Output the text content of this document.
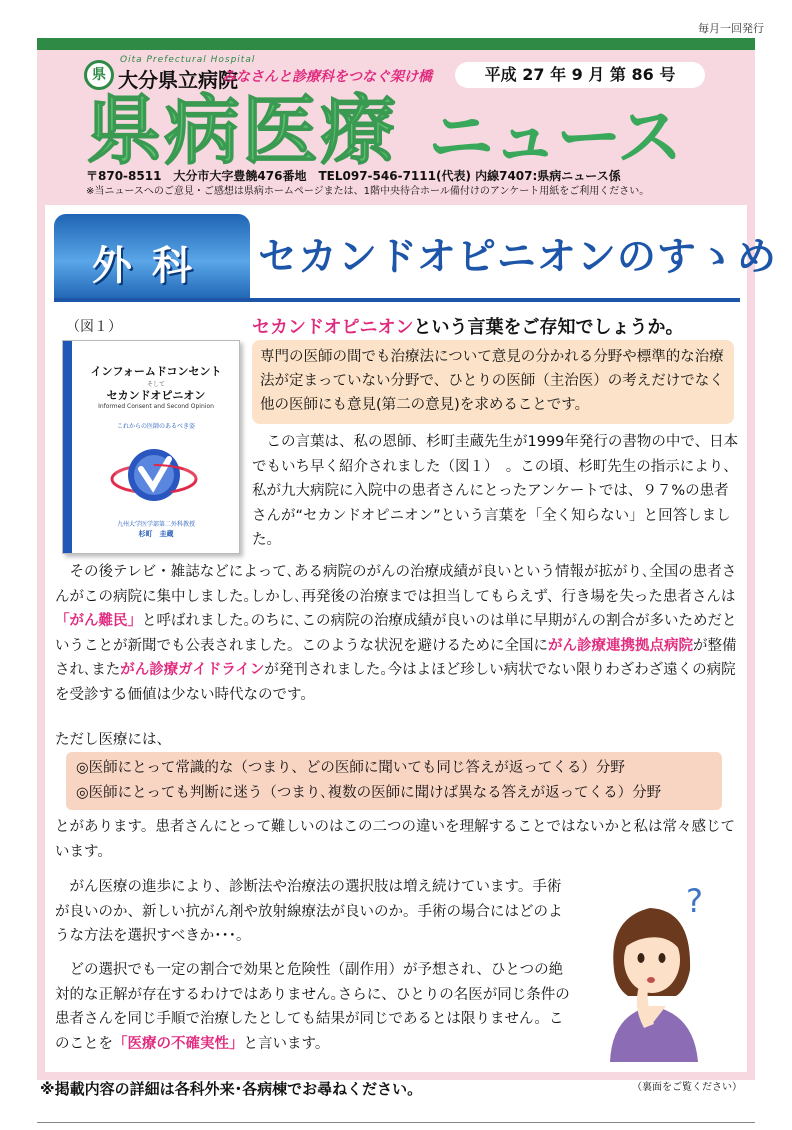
毎月一回発行
県
Oita Prefectural Hospital
大分県立病院
みなさんと診療科をつなぐ架け橋	平成 27 年 9 月 第 86 号
県病医療 ニュース
〒870-8511　大分市大字豊饒476番地　TEL097-546-7111(代表) 内線7407:県病ニュース係
※当ニュースへのご意見・ご感想は県病ホームページまたは、1階中央待合ホール備付けのアンケート用紙をご利用ください。
外科	セカンドオピニオンのすゝめ
（図１）
インフォームドコンセント
そして
セカンドオピニオン
Informed Consent and Second Opinion
これからの医師のあるべき姿
九州大学医学部第二外科教授
杉町　圭蔵
セカンドオピニオンという言葉をご存知でしょうか。
専門の医師の間でも治療法について意見の分かれる分野や標準的な治療法が定まっていない分野で、ひとりの医師（主治医）の考えだけでなく他の医師にも意見(第二の意見)を求めることです。
この言葉は、私の恩師、杉町圭蔵先生が1999年発行の書物の中で、日本でもいち早く紹介されました（図１）　。この頃、杉町先生の指示により、私が九大病院に入院中の患者さんにとったアンケートでは、９７%の患者さんが“セカンドオピニオン”という言葉を「全く知らない」と回答しました。
その後テレビ・雑誌などによって､ある病院のがんの治療成績が良いという情報が拡がり､全国の患者さんがこの病院に集中しました｡しかし､再発後の治療までは担当してもらえず、行き場を失った患者さんは「がん難民」と呼ばれました｡のちに､この病院の治療成績が良いのは単に早期がんの割合が多いためだということが新聞でも公表されました。このような状況を避けるために全国にがん診療連携拠点病院が整備され､またがん診療ガイドラインが発刊されました｡今はよほど珍しい病状でない限りわざわざ遠くの病院を受診する価値は少ない時代なのです。
ただし医療には、
◎医師にとって常識的な（つまり、どの医師に聞いても同じ答えが返ってくる）分野
◎医師にとっても判断に迷う（つまり､複数の医師に聞けば異なる答えが返ってくる）分野
とがあります。患者さんにとって難しいのはこの二つの違いを理解することではないかと私は常々感じています。
がん医療の進歩により、診断法や治療法の選択肢は増え続けています。手術が良いのか、新しい抗がん剤や放射線療法が良いのか。手術の場合にはどのような方法を選択すべきか･･･。
どの選択でも一定の割合で効果と危険性（副作用）が予想され、ひとつの絶対的な正解が存在するわけではありません｡さらに、ひとりの名医が同じ条件の患者さんを同じ手順で治療したとしても結果が同じであるとは限りません。このことを「医療の不確実性」と言います。
?
※掲載内容の詳細は各科外来･各病棟でお尋ねください。	（裏面をご覧ください）
